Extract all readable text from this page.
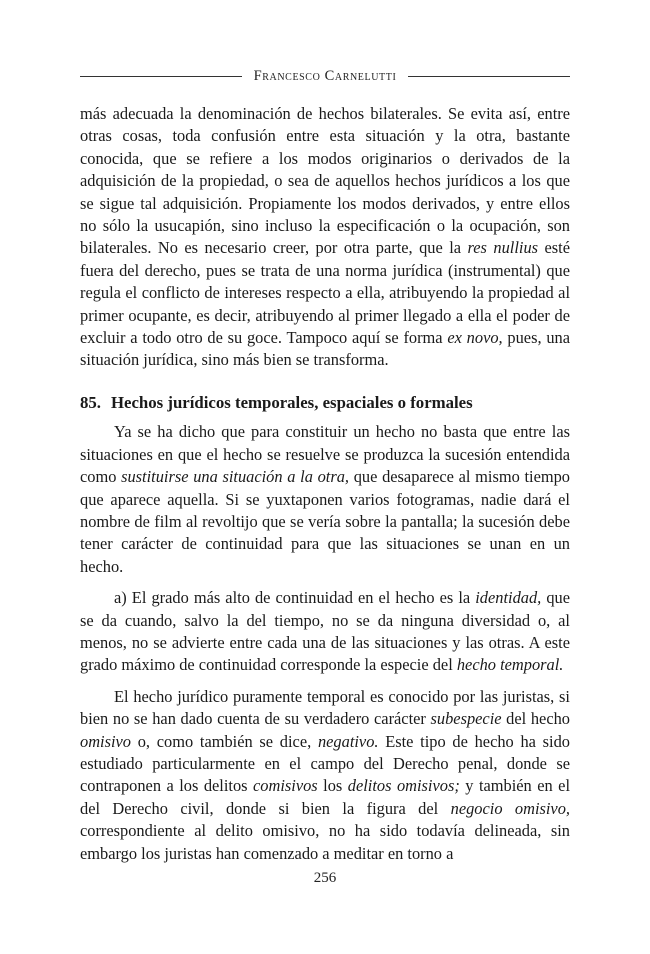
Francesco Carnelutti

más adecuada la denominación de hechos bilaterales. Se evita así, entre otras cosas, toda confusión entre esta situación y la otra, bastante conocida, que se refiere a los modos originarios o derivados de la adquisición de la propiedad, o sea de aquellos hechos jurídicos a los que se sigue tal adquisición. Propiamente los modos derivados, y entre ellos no sólo la usucapión, sino incluso la especificación o la ocupación, son bilaterales. No es necesario creer, por otra parte, que la res nullius esté fuera del derecho, pues se trata de una norma jurídica (instrumental) que regula el conflicto de intereses respecto a ella, atribuyendo la propiedad al primer ocupante, es decir, atribuyendo al primer llegado a ella el poder de excluir a todo otro de su goce. Tampoco aquí se forma ex novo, pues, una situación jurídica, sino más bien se transforma.

85. Hechos jurídicos temporales, espaciales o formales

Ya se ha dicho que para constituir un hecho no basta que entre las situaciones en que el hecho se resuelve se produzca la sucesión entendida como sustituirse una situación a la otra, que desaparece al mismo tiempo que aparece aquella. Si se yuxtaponen varios fotogramas, nadie dará el nombre de film al revoltijo que se vería sobre la pantalla; la sucesión debe tener carácter de continuidad para que las situaciones se unan en un hecho.

a) El grado más alto de continuidad en el hecho es la identidad, que se da cuando, salvo la del tiempo, no se da ninguna diversidad o, al menos, no se advierte entre cada una de las situaciones y las otras. A este grado máximo de continuidad corresponde la especie del hecho temporal.

El hecho jurídico puramente temporal es conocido por las juristas, si bien no se han dado cuenta de su verdadero carácter subespecie del hecho omisivo o, como también se dice, negativo. Este tipo de hecho ha sido estudiado particularmente en el campo del Derecho penal, donde se contraponen a los delitos comisivos los delitos omisivos; y también en el del Derecho civil, donde si bien la figura del negocio omisivo, correspondiente al delito omisivo, no ha sido todavía delineada, sin embargo los juristas han comenzado a meditar en torno a

256
